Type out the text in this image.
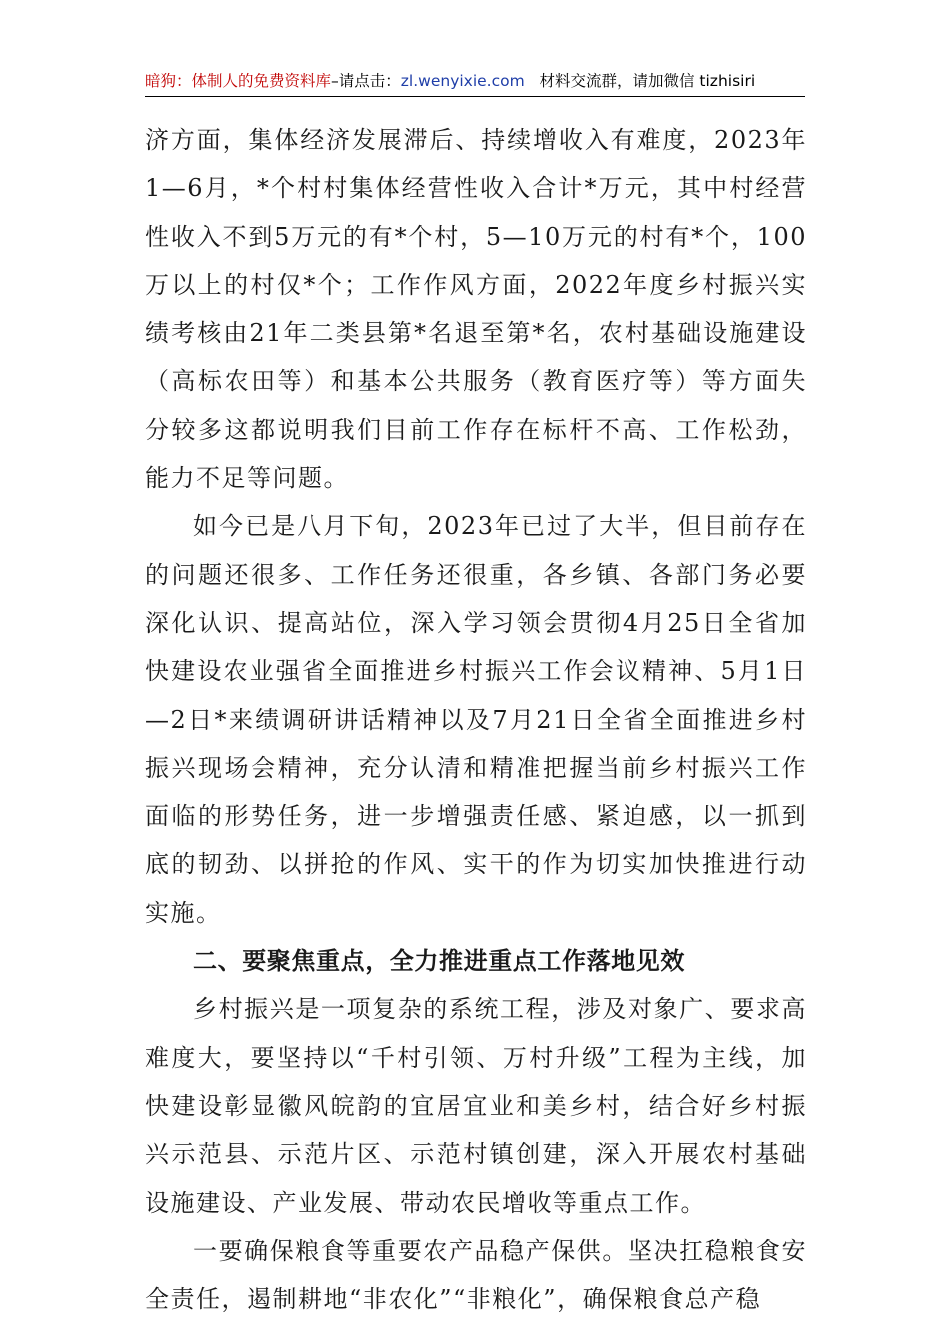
暗狗：体制人的免费资料库–请点击：zl.wenyixie.com 材料交流群，请加微信 tizhisiri

济方面，集体经济发展滞后、持续增收入有难度，2023年1—6月，*个村村集体经营性收入合计*万元，其中村经营性收入不到5万元的有*个村，5—10万元的村有*个，100万以上的村仅*个；工作作风方面，2022年度乡村振兴实绩考核由21年二类县第*名退至第*名，农村基础设施建设（高标农田等）和基本公共服务（教育医疗等）等方面失分较多这都说明我们目前工作存在标杆不高、工作松劲，能力不足等问题。

如今已是八月下旬，2023年已过了大半，但目前存在的问题还很多、工作任务还很重，各乡镇、各部门务必要深化认识、提高站位，深入学习领会贯彻4月25日全省加快建设农业强省全面推进乡村振兴工作会议精神、5月1日—2日*来绩调研讲话精神以及7月21日全省全面推进乡村振兴现场会精神，充分认清和精准把握当前乡村振兴工作面临的形势任务，进一步增强责任感、紧迫感，以一抓到底的韧劲、以拼抢的作风、实干的作为切实加快推进行动实施。

二、要聚焦重点，全力推进重点工作落地见效

乡村振兴是一项复杂的系统工程，涉及对象广、要求高难度大，要坚持以“千村引领、万村升级”工程为主线，加快建设彰显徽风皖韵的宜居宜业和美乡村，结合好乡村振兴示范县、示范片区、示范村镇创建，深入开展农村基础设施建设、产业发展、带动农民增收等重点工作。

一要确保粮食等重要农产品稳产保供。坚决扛稳粮食安全责任，遏制耕地“非农化”“非粮化”，确保粮食总产稳
